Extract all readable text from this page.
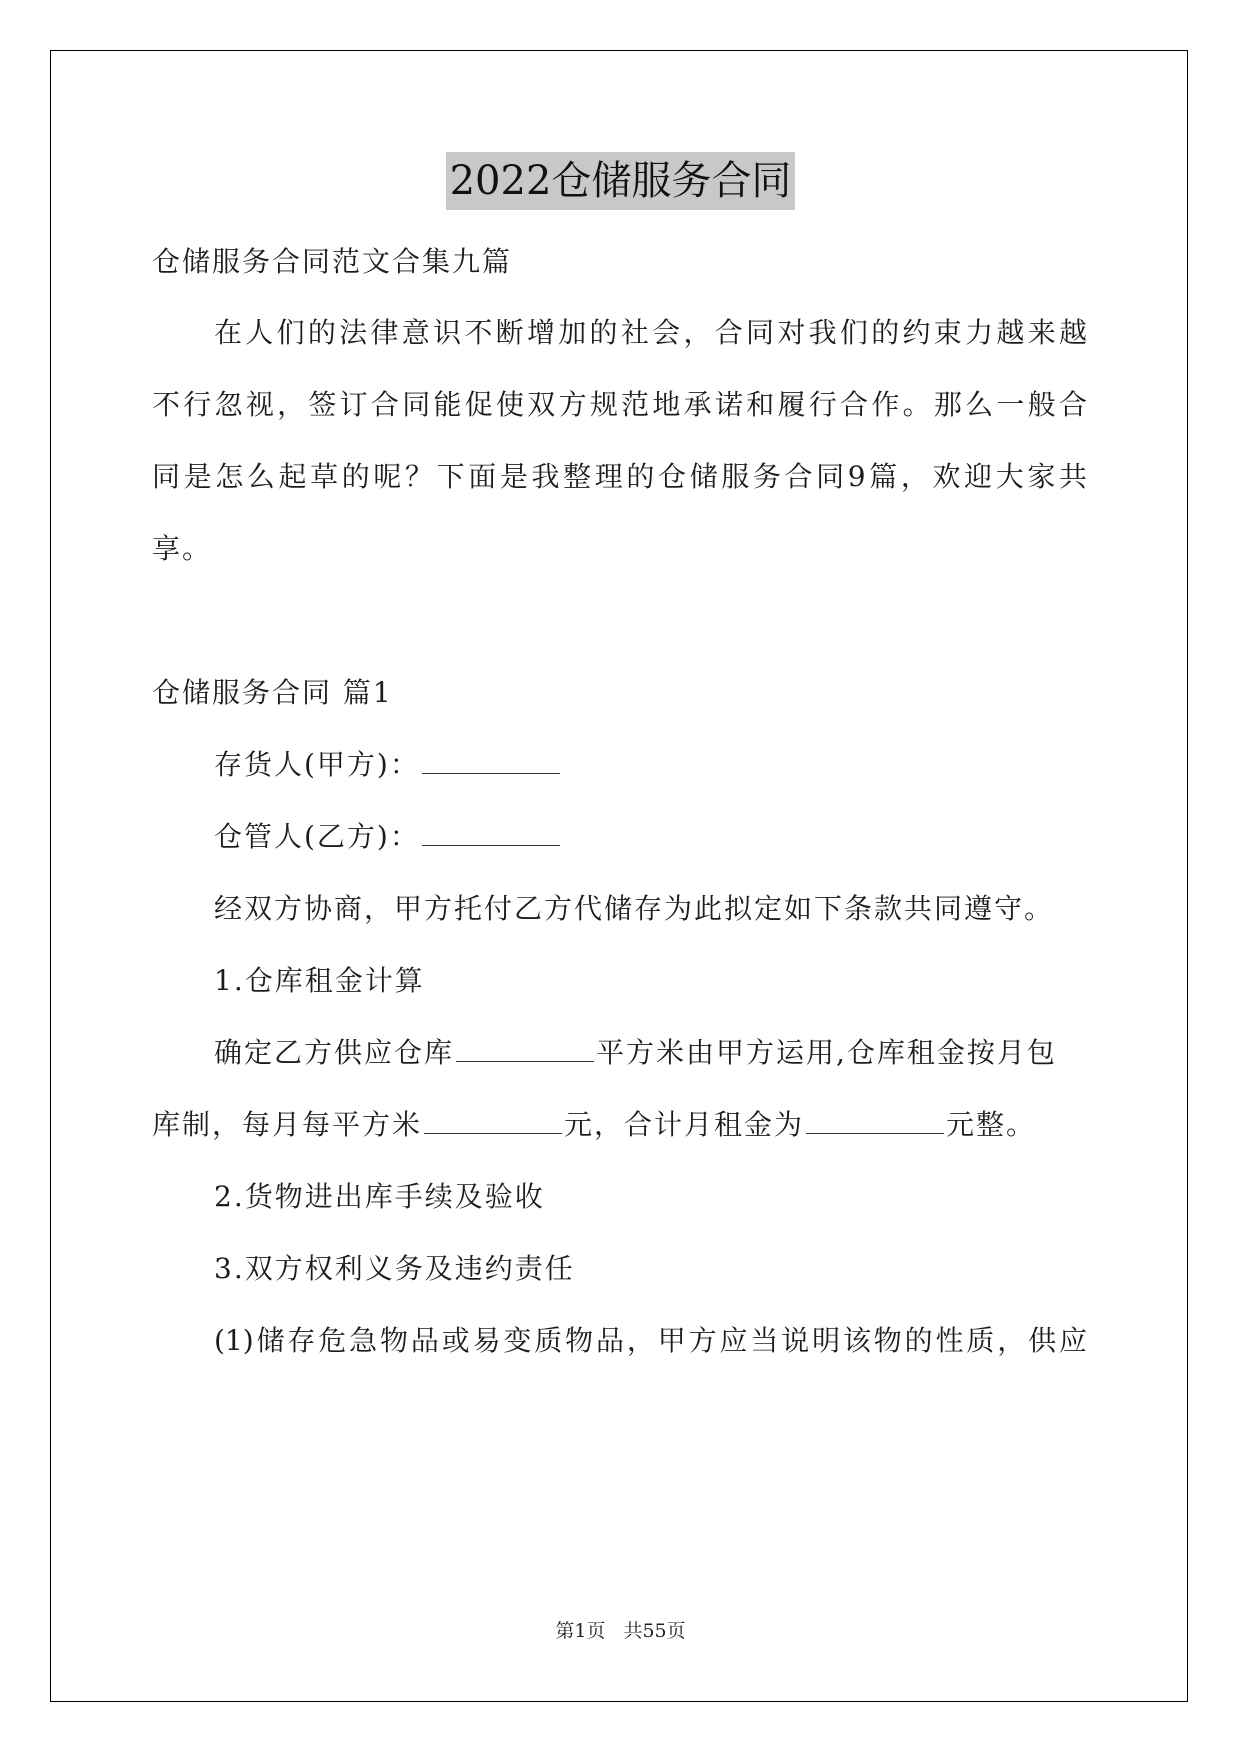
2022仓储服务合同
仓储服务合同范文合集九篇
在人们的法律意识不断增加的社会，合同对我们的约束力越来越
不行忽视，签订合同能促使双方规范地承诺和履行合作。那么一般合
同是怎么起草的呢？下面是我整理的仓储服务合同9篇，欢迎大家共
享。
仓储服务合同 篇1
存货人(甲方)：
仓管人(乙方)：
经双方协商，甲方托付乙方代储存为此拟定如下条款共同遵守。
1.仓库租金计算
确定乙方供应仓库	平方米由甲方运用,仓库租金按月包
库制，每月每平方米	元，合计月租金为	元整。
2.货物进出库手续及验收
3.双方权利义务及违约责任
(1)储存危急物品或易变质物品，甲方应当说明该物的性质，供应
第1页 共55页
